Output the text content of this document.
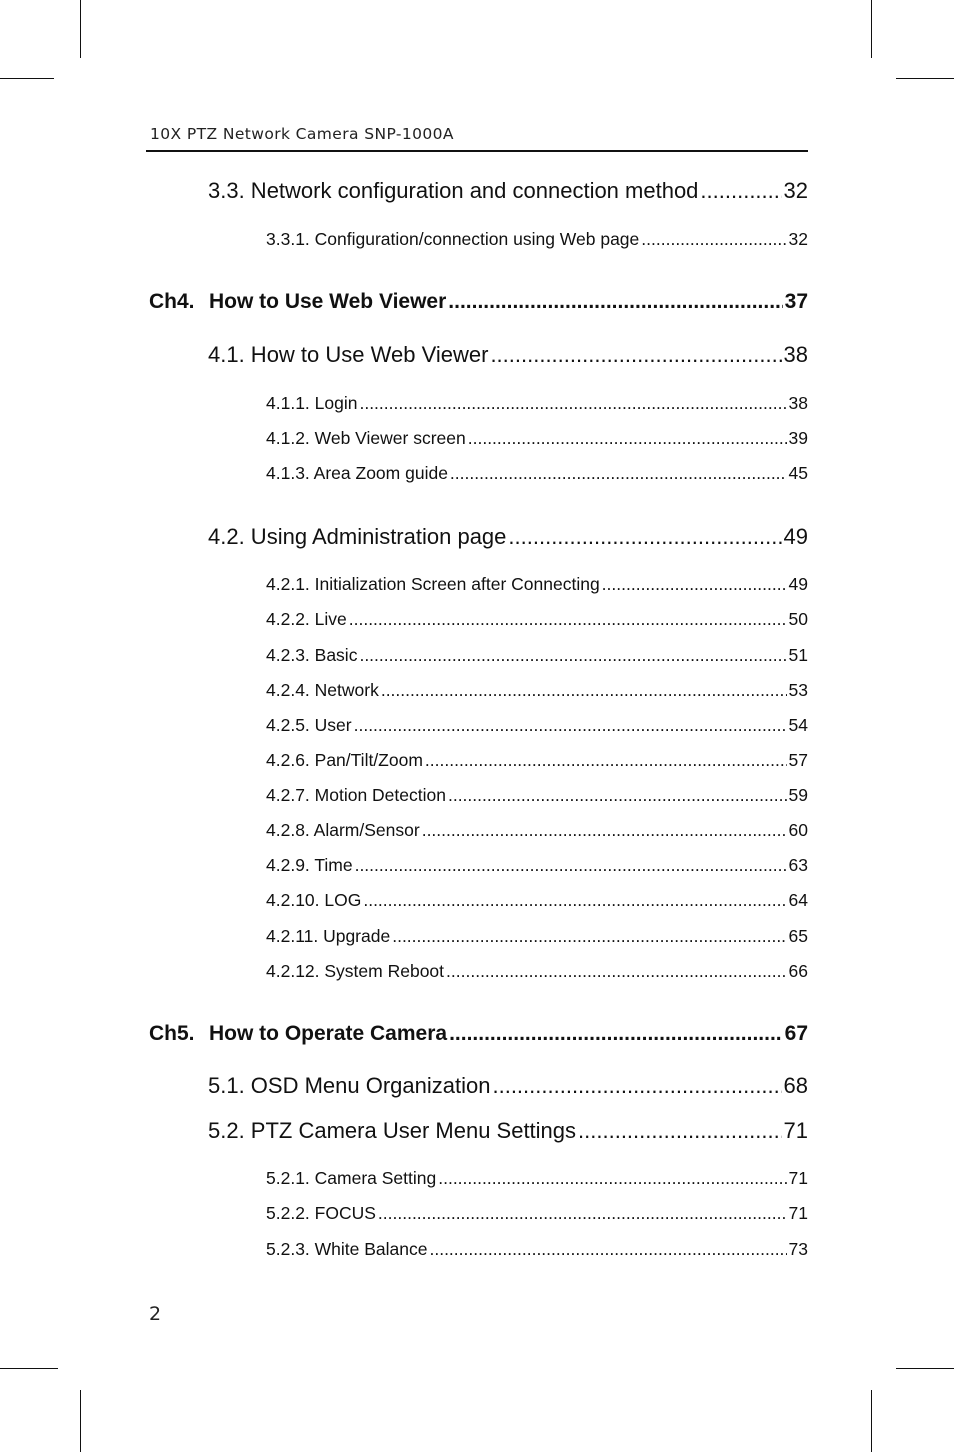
10X PTZ Network Camera SNP-1000A
3.3. Network configuration and connection method .....	32
3.3.1. Configuration/connection using Web page .....	32
Ch4. How to Use Web Viewer .....	37
4.1. How to Use Web Viewer .....	38
4.1.1. Login .....	38
4.1.2. Web Viewer screen .....	39
4.1.3. Area Zoom guide .....	45
4.2. Using Administration page .....	49
4.2.1. Initialization Screen after Connecting .....	49
4.2.2. Live .....	50
4.2.3. Basic .....	51
4.2.4. Network .....	53
4.2.5. User .....	54
4.2.6. Pan/Tilt/Zoom .....	57
4.2.7. Motion Detection .....	59
4.2.8. Alarm/Sensor .....	60
4.2.9. Time .....	63
4.2.10. LOG .....	64
4.2.11. Upgrade .....	65
4.2.12. System Reboot .....	66
Ch5. How to Operate Camera .....	67
5.1. OSD Menu Organization .....	68
5.2. PTZ Camera User Menu Settings .....	71
5.2.1. Camera Setting .....	71
5.2.2. FOCUS .....	71
5.2.3. White Balance .....	73
2
